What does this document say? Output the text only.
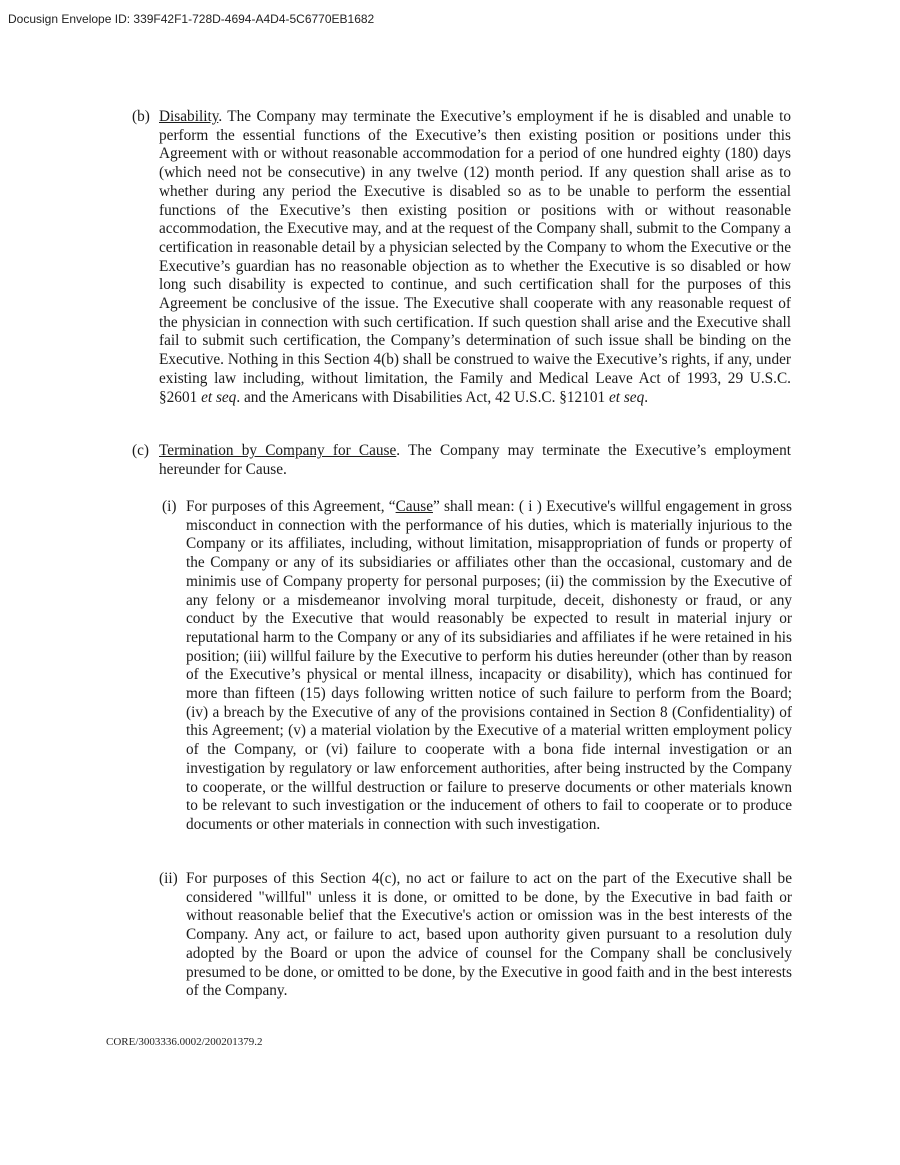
Docusign Envelope ID: 339F42F1-728D-4694-A4D4-5C6770EB1682
(b) Disability. The Company may terminate the Executive’s employment if he is disabled and unable to perform the essential functions of the Executive’s then existing position or positions under this Agreement with or without reasonable accommodation for a period of one hundred eighty (180) days (which need not be consecutive) in any twelve (12) month period. If any question shall arise as to whether during any period the Executive is disabled so as to be unable to perform the essential functions of the Executive’s then existing position or positions with or without reasonable accommodation, the Executive may, and at the request of the Company shall, submit to the Company a certification in reasonable detail by a physician selected by the Company to whom the Executive or the Executive’s guardian has no reasonable objection as to whether the Executive is so disabled or how long such disability is expected to continue, and such certification shall for the purposes of this Agreement be conclusive of the issue. The Executive shall cooperate with any reasonable request of the physician in connection with such certification. If such question shall arise and the Executive shall fail to submit such certification, the Company’s determination of such issue shall be binding on the Executive. Nothing in this Section 4(b) shall be construed to waive the Executive’s rights, if any, under existing law including, without limitation, the Family and Medical Leave Act of 1993, 29 U.S.C. §2601 et seq. and the Americans with Disabilities Act, 42 U.S.C. §12101 et seq.
(c) Termination by Company for Cause. The Company may terminate the Executive’s employment hereunder for Cause.
(i) For purposes of this Agreement, “Cause” shall mean: ( i ) Executive's willful engagement in gross misconduct in connection with the performance of his duties, which is materially injurious to the Company or its affiliates, including, without limitation, misappropriation of funds or property of the Company or any of its subsidiaries or affiliates other than the occasional, customary and de minimis use of Company property for personal purposes; (ii) the commission by the Executive of any felony or a misdemeanor involving moral turpitude, deceit, dishonesty or fraud, or any conduct by the Executive that would reasonably be expected to result in material injury or reputational harm to the Company or any of its subsidiaries and affiliates if he were retained in his position; (iii) willful failure by the Executive to perform his duties hereunder (other than by reason of the Executive’s physical or mental illness, incapacity or disability), which has continued for more than fifteen (15) days following written notice of such failure to perform from the Board; (iv) a breach by the Executive of any of the provisions contained in Section 8 (Confidentiality) of this Agreement; (v) a material violation by the Executive of a material written employment policy of the Company, or (vi) failure to cooperate with a bona fide internal investigation or an investigation by regulatory or law enforcement authorities, after being instructed by the Company to cooperate, or the willful destruction or failure to preserve documents or other materials known to be relevant to such investigation or the inducement of others to fail to cooperate or to produce documents or other materials in connection with such investigation.
(ii) For purposes of this Section 4(c), no act or failure to act on the part of the Executive shall be considered "willful" unless it is done, or omitted to be done, by the Executive in bad faith or without reasonable belief that the Executive's action or omission was in the best interests of the Company. Any act, or failure to act, based upon authority given pursuant to a resolution duly adopted by the Board or upon the advice of counsel for the Company shall be conclusively presumed to be done, or omitted to be done, by the Executive in good faith and in the best interests of the Company.
CORE/3003336.0002/200201379.2
